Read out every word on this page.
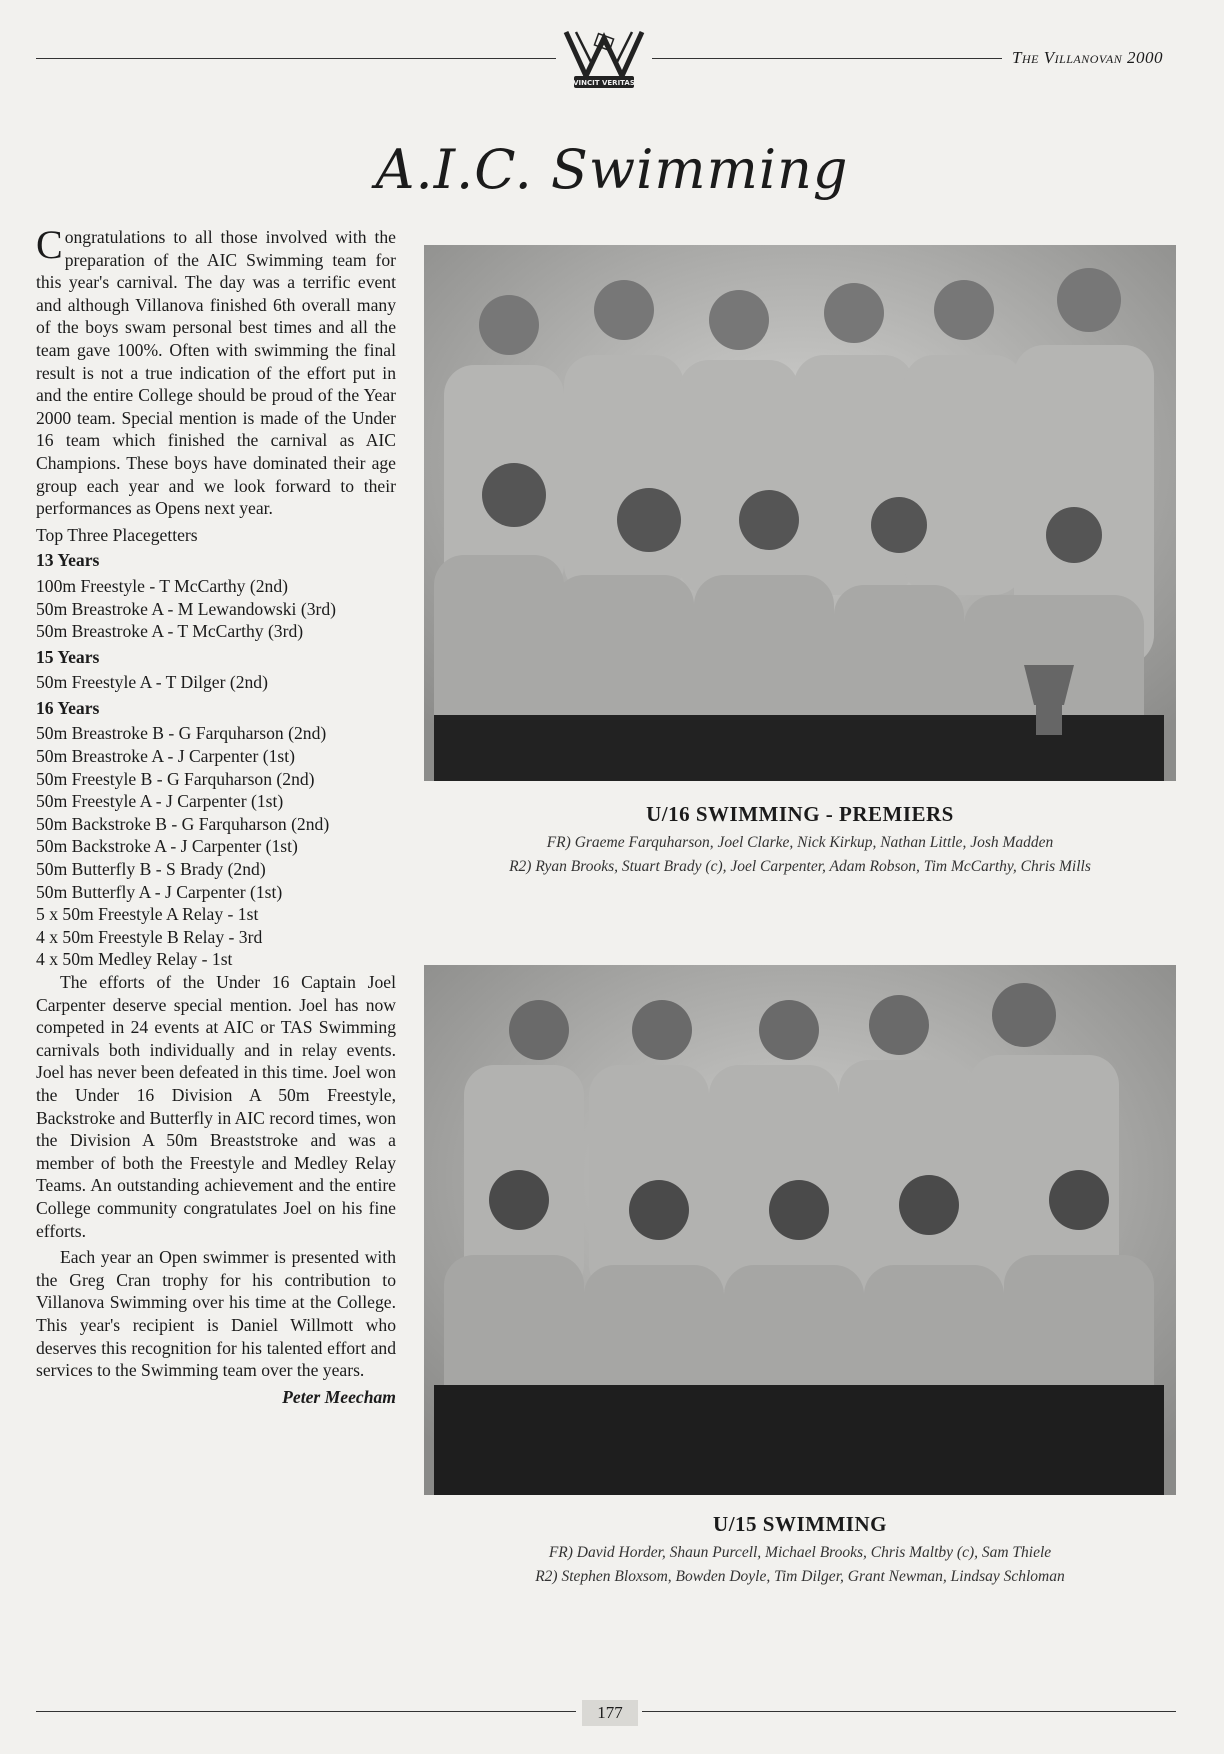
VINCIT VERITAS
The Villanovan 2000
A.I.C. Swimming

Congratulations to all those involved with the preparation of the AIC Swimming team for this year's carnival. The day was a terrific event and although Villanova finished 6th overall many of the boys swam personal best times and all the team gave 100%. Often with swimming the final result is not a true indication of the effort put in and the entire College should be proud of the Year 2000 team. Special mention is made of the Under 16 team which finished the carnival as AIC Champions. These boys have dominated their age group each year and we look forward to their performances as Opens next year.

Top Three Placegetters
13 Years
100m Freestyle - T McCarthy (2nd)
50m Breastroke A - M Lewandowski (3rd)
50m Breastroke A - T McCarthy (3rd)
15 Years
50m Freestyle A - T Dilger (2nd)
16 Years
50m Breastroke B - G Farquharson (2nd)
50m Breastroke A - J Carpenter (1st)
50m Freestyle B - G Farquharson (2nd)
50m Freestyle A - J Carpenter (1st)
50m Backstroke B - G Farquharson (2nd)
50m Backstroke A - J Carpenter (1st)
50m Butterfly B - S Brady (2nd)
50m Butterfly A - J Carpenter (1st)
5 x 50m Freestyle A Relay - 1st
4 x 50m Freestyle B Relay - 3rd
4 x 50m Medley Relay - 1st

The efforts of the Under 16 Captain Joel Carpenter deserve special mention. Joel has now competed in 24 events at AIC or TAS Swimming carnivals both individually and in relay events. Joel has never been defeated in this time. Joel won the Under 16 Division A 50m Freestyle, Backstroke and Butterfly in AIC record times, won the Division A 50m Breaststroke and was a member of both the Freestyle and Medley Relay Teams. An outstanding achievement and the entire College community congratulates Joel on his fine efforts.

Each year an Open swimmer is presented with the Greg Cran trophy for his contribution to Villanova Swimming over his time at the College. This year's recipient is Daniel Willmott who deserves this recognition for his talented effort and services to the Swimming team over the years.

Peter Meecham
U/16 SWIMMING - PREMIERS
FR) Graeme Farquharson, Joel Clarke, Nick Kirkup, Nathan Little, Josh Madden
R2) Ryan Brooks, Stuart Brady (c), Joel Carpenter, Adam Robson, Tim McCarthy, Chris Mills
U/15 SWIMMING
FR) David Horder, Shaun Purcell, Michael Brooks, Chris Maltby (c), Sam Thiele
R2) Stephen Bloxsom, Bowden Doyle, Tim Dilger, Grant Newman, Lindsay Schloman
177
